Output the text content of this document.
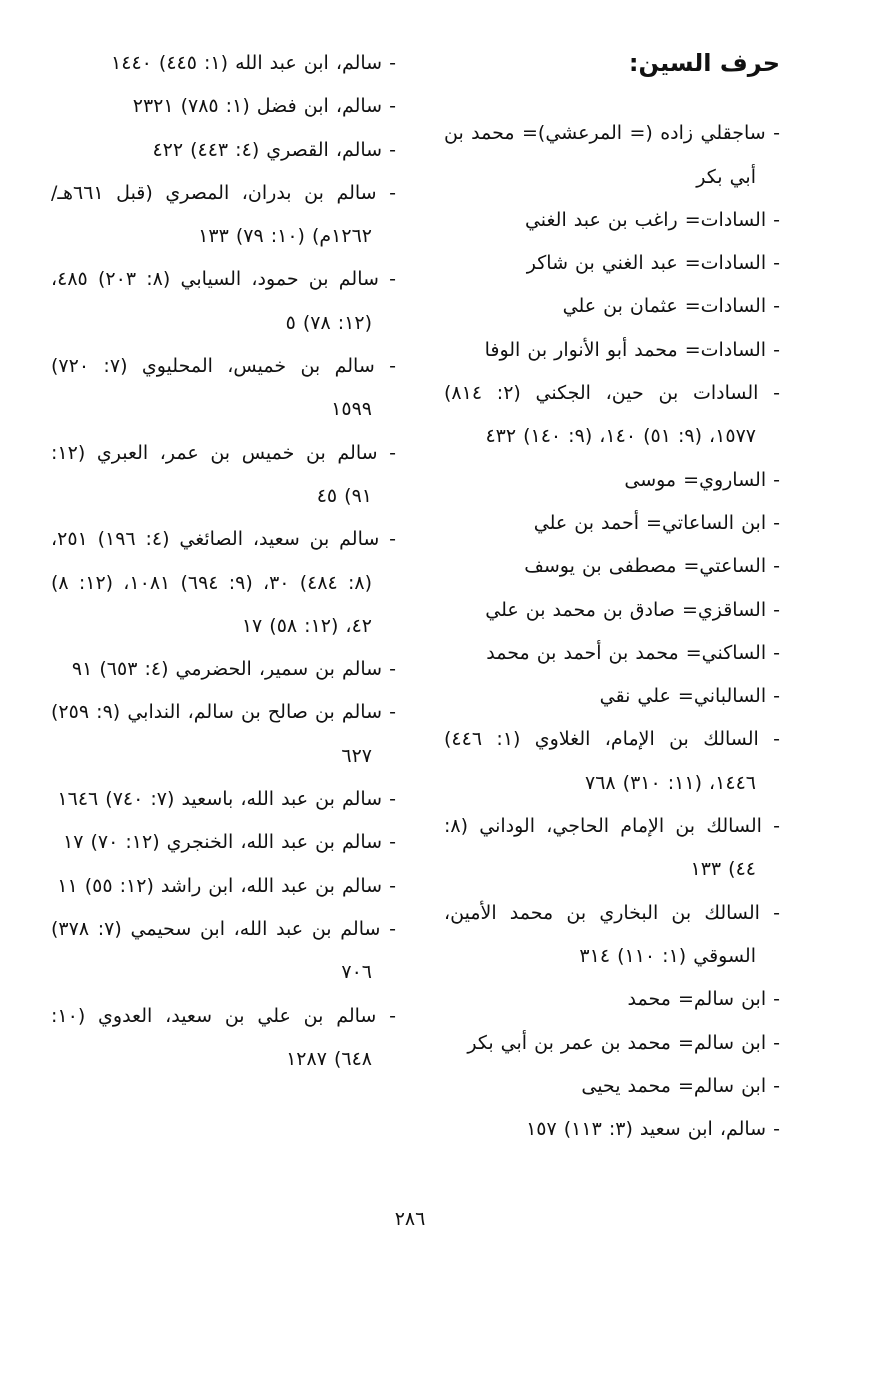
حرف السين:
- ساجقلي زاده (= المرعشي)= محمد بن أبي بكر
- السادات= راغب بن عبد الغني
- السادات= عبد الغني بن شاكر
- السادات= عثمان بن علي
- السادات= محمد أبو الأنوار بن الوفا
- السادات بن حين، الجكني (٢: ٨١٤) ١٥٧٧، (٩: ٥١) ١٤٠، (٩: ١٤٠) ٤٣٢
- الساروي= موسى
- ابن الساعاتي= أحمد بن علي
- الساعتي= مصطفى بن يوسف
- الساقزي= صادق بن محمد بن علي
- الساكني= محمد بن أحمد بن محمد
- السالباني= علي نقي
- السالك بن الإمام، الغلاوي (١: ٤٤٦) ١٤٤٦، (١١: ٣١٠) ٧٦٨
- السالك بن الإمام الحاجي، الوداني (٨: ٤٤) ١٣٣
- السالك بن البخاري بن محمد الأمين، السوقي (١: ١١٠) ٣١٤
- ابن سالم= محمد
- ابن سالم= محمد بن عمر بن أبي بكر
- ابن سالم= محمد يحيى
- سالم، ابن سعيد (٣: ١١٣) ١٥٧
- سالم، ابن عبد الله (١: ٤٤٥) ١٤٤٠
- سالم، ابن فضل (١: ٧٨٥) ٢٣٢١
- سالم، القصري (٤: ٤٤٣) ٤٢٢
- سالم بن بدران، المصري (قبل ٦٦١هـ/ ١٢٦٢م) (١٠: ٧٩) ١٣٣
- سالم بن حمود، السيابي (٨: ٢٠٣) ٤٨٥، (١٢: ٧٨) ٥
- سالم بن خميس، المحليوي (٧: ٧٢٠) ١٥٩٩
- سالم بن خميس بن عمر، العبري (١٢: ٩١) ٤٥
- سالم بن سعيد، الصائغي (٤: ١٩٦) ٢٥١، (٨: ٤٨٤) ٣٠، (٩: ٦٩٤) ١٠٨١، (١٢: ٨) ٤٢، (١٢: ٥٨) ١٧
- سالم بن سمير، الحضرمي (٤: ٦٥٣) ٩١
- سالم بن صالح بن سالم، الندابي (٩: ٢٥٩) ٦٢٧
- سالم بن عبد الله، باسعيد (٧: ٧٤٠) ١٦٤٦
- سالم بن عبد الله، الخنجري (١٢: ٧٠) ١٧
- سالم بن عبد الله، ابن راشد (١٢: ٥٥) ١١
- سالم بن عبد الله، ابن سحيمي (٧: ٣٧٨) ٧٠٦
- سالم بن علي بن سعيد، العدوي (١٠: ٦٤٨) ١٢٨٧
٢٨٦
